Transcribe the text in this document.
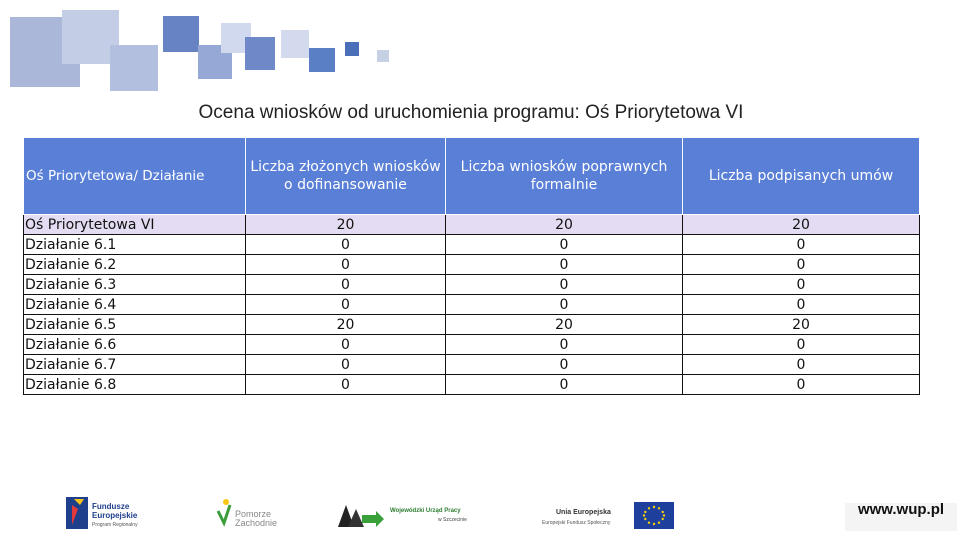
Ocena wniosków od uruchomienia programu: Oś Priorytetowa VI
Oś Priorytetowa/ Działanie	Liczba złożonych wniosków o dofinansowanie	Liczba wniosków poprawnych formalnie	Liczba podpisanych umów
Oś Priorytetowa VI	20	20	20
Działanie 6.1	0	0	0
Działanie 6.2	0	0	0
Działanie 6.3	0	0	0
Działanie 6.4	0	0	0
Działanie 6.5	20	20	20
Działanie 6.6	0	0	0
Działanie 6.7	0	0	0
Działanie 6.8	0	0	0
Fundusze
Europejskie
Program Regionalny
Pomorze
Zachodnie
Wojewódzki Urząd Pracy
w Szczecinie
Unia Europejska
Europejski Fundusz Społeczny
www.wup.pl
